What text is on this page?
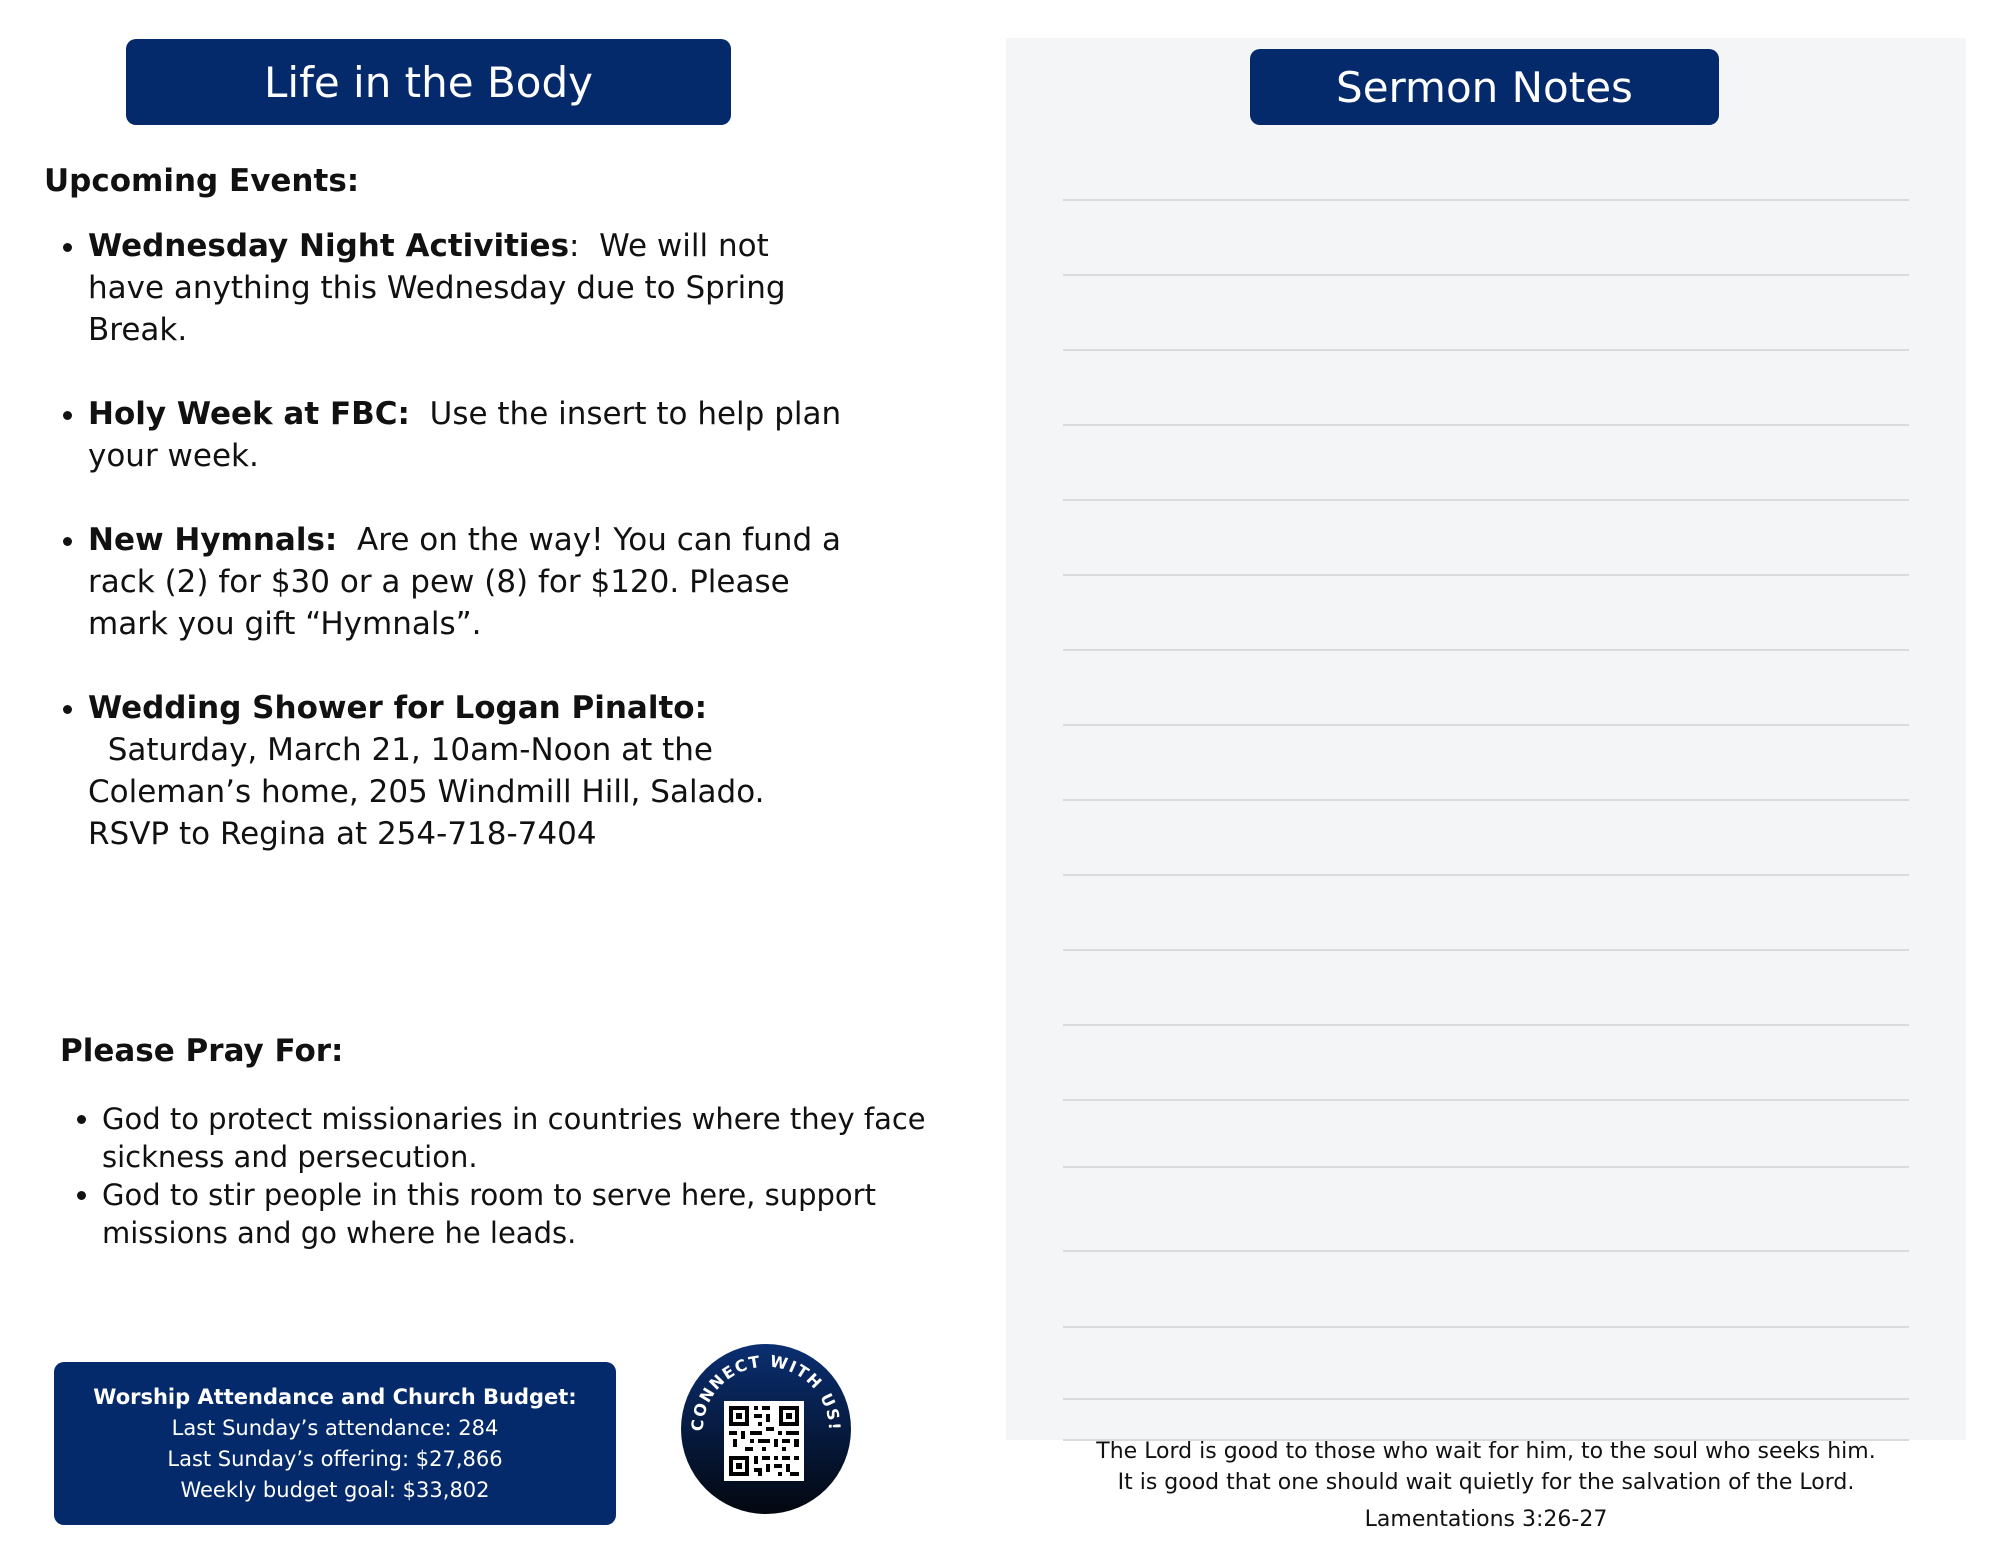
Life in the Body
Upcoming Events:
• Wednesday Night Activities:  We will not have anything this Wednesday due to Spring Break.
• Holy Week at FBC: Use the insert to help plan your week.
• New Hymnals: Are on the way! You can fund a rack (2) for $30 or a pew (8) for $120. Please mark you gift “Hymnals”.
• Wedding Shower for Logan Pinalto:  Saturday, March 21, 10am-Noon at the Coleman’s home, 205 Windmill Hill, Salado. RSVP to Regina at 254-718-7404
Please Pray For:
• God to protect missionaries in countries where they face sickness and persecution.
• God to stir people in this room to serve here, support missions and go where he leads.
Worship Attendance and Church Budget:
Last Sunday’s attendance: 284
Last Sunday’s offering: $27,866
Weekly budget goal: $33,802
CONNECT WITH US!
Sermon Notes
The Lord is good to those who wait for him, to the soul who seeks him.
It is good that one should wait quietly for the salvation of the Lord.
Lamentations 3:26-27
